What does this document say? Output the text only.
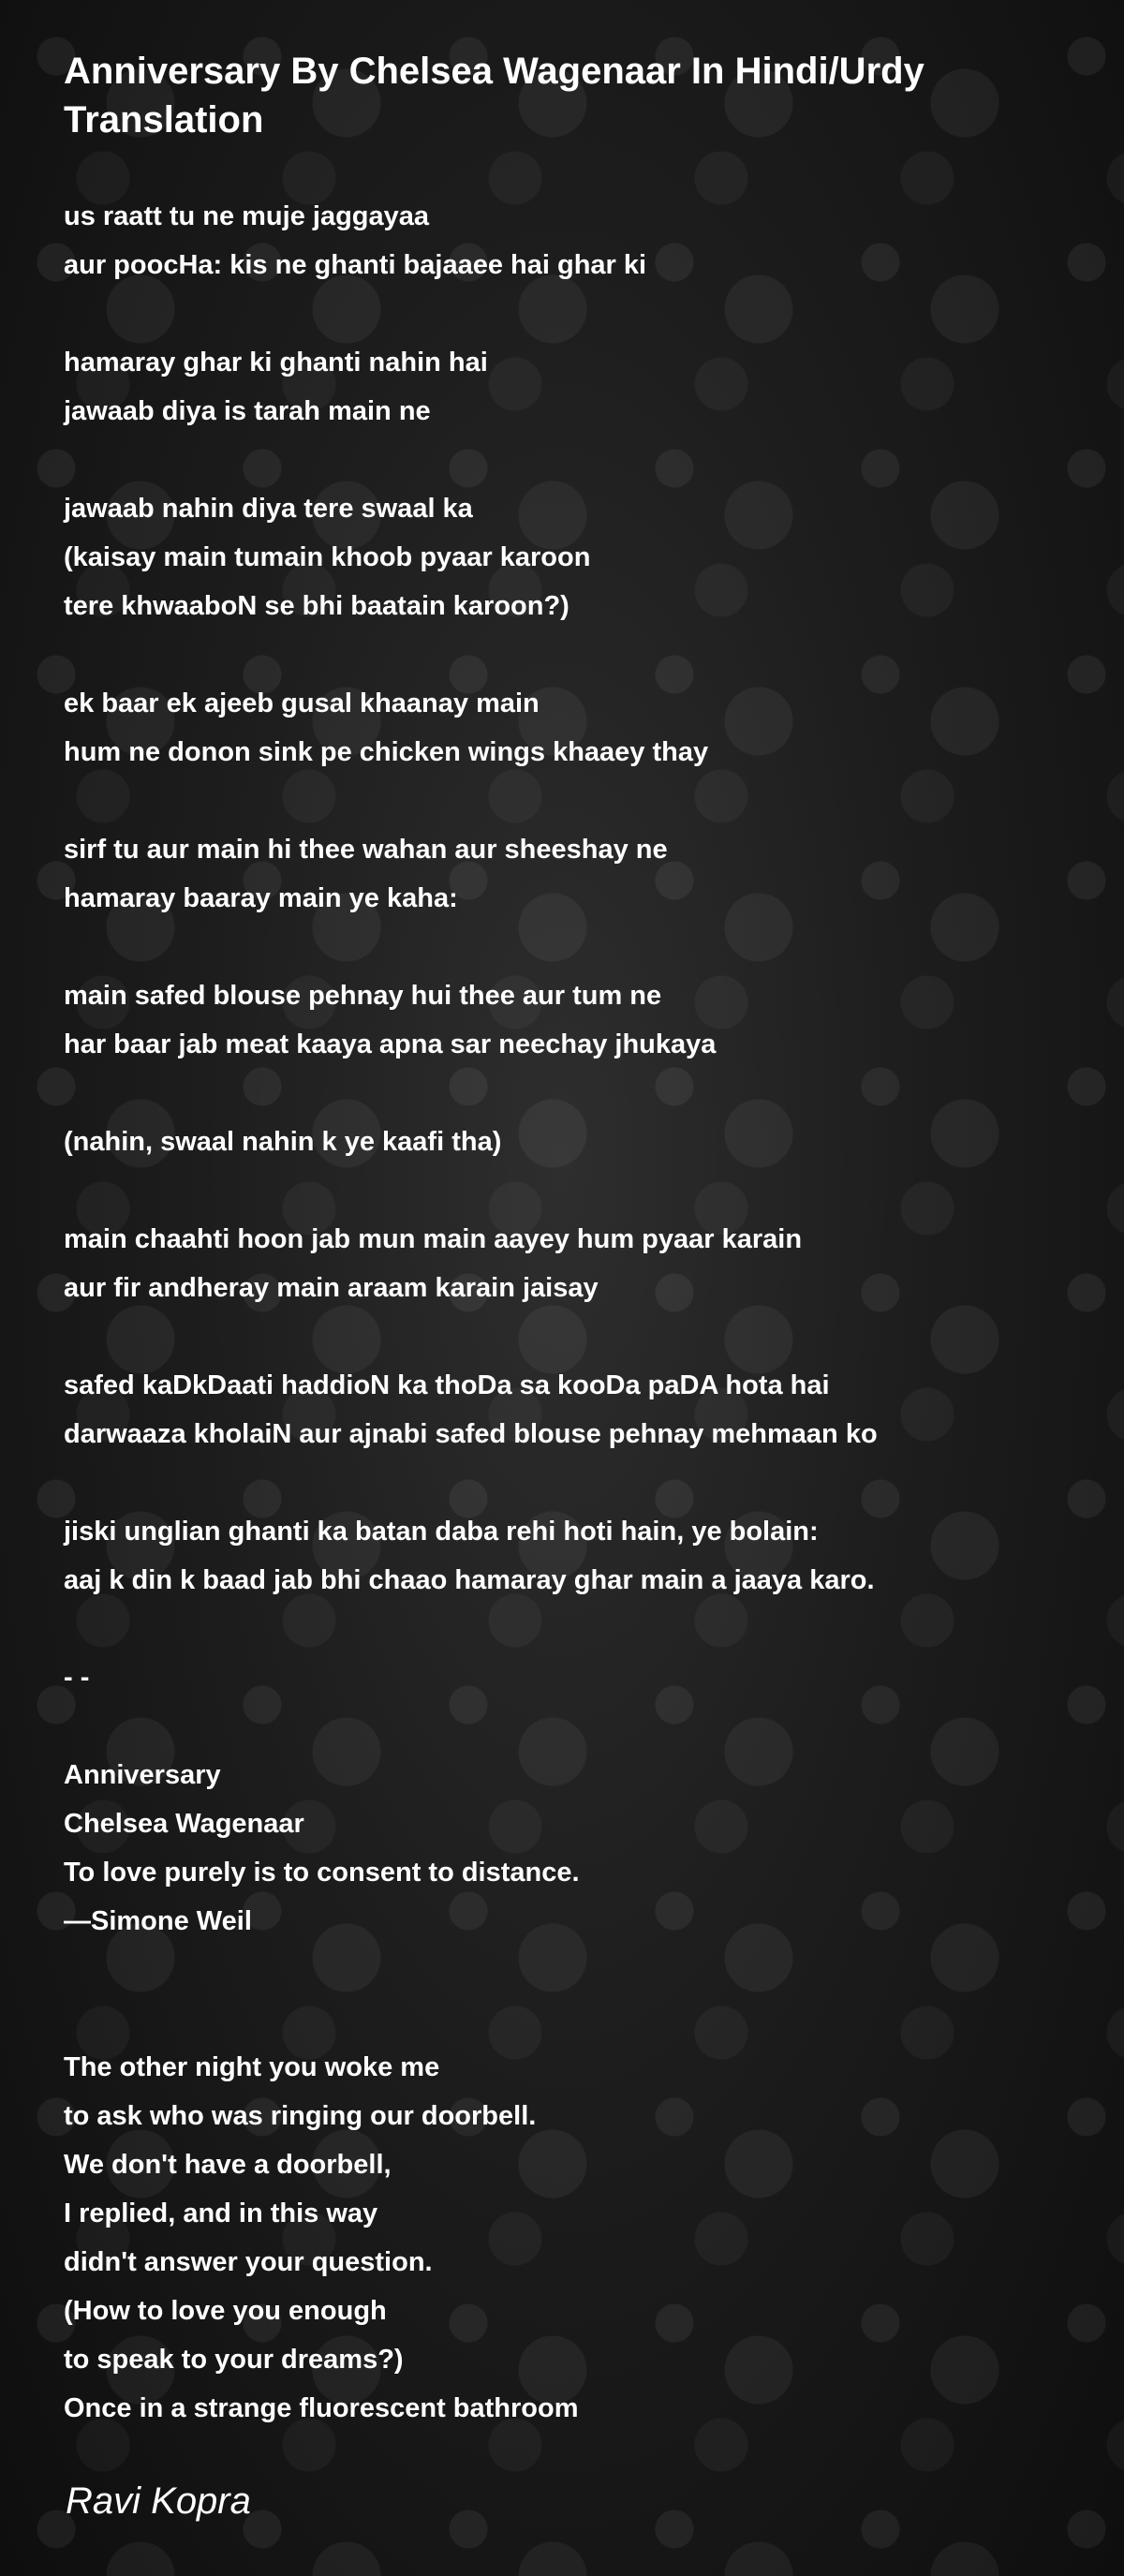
Anniversary By Chelsea Wagenaar In Hindi/Urdy Translation
us raatt tu ne muje jaggayaa
aur poocHa: kis ne ghanti bajaaee hai ghar ki
hamaray ghar ki ghanti nahin hai
jawaab diya is tarah main ne
jawaab nahin diya tere swaal ka
(kaisay main tumain khoob pyaar karoon
tere khwaaboN se bhi baatain karoon?)
ek baar ek ajeeb gusal khaanay main
hum ne donon sink pe chicken wings khaaey thay
sirf tu aur main hi thee wahan aur sheeshay ne
hamaray baaray main ye kaha:
main safed blouse pehnay hui thee aur tum ne
har baar jab meat kaaya apna sar neechay jhukaya
(nahin, swaal nahin k ye kaafi tha)
main chaahti hoon jab mun main aayey hum pyaar karain
aur fir andheray main araam karain jaisay
safed kaDkDaati haddioN ka thoDa sa kooDa paDA hota hai
darwaaza kholaiN aur ajnabi safed blouse pehnay mehmaan ko
jiski unglian ghanti ka batan daba rehi hoti hain, ye bolain:
aaj k din k baad jab bhi chaao hamaray ghar main a jaaya karo.
- -
Anniversary
Chelsea Wagenaar
To love purely is to consent to distance.
—Simone Weil

The other night you woke me
to ask who was ringing our doorbell.
We don't have a doorbell,
I replied, and in this way
didn't answer your question.
(How to love you enough
to speak to your dreams?)
Once in a strange fluorescent bathroom

Ravi Kopra
